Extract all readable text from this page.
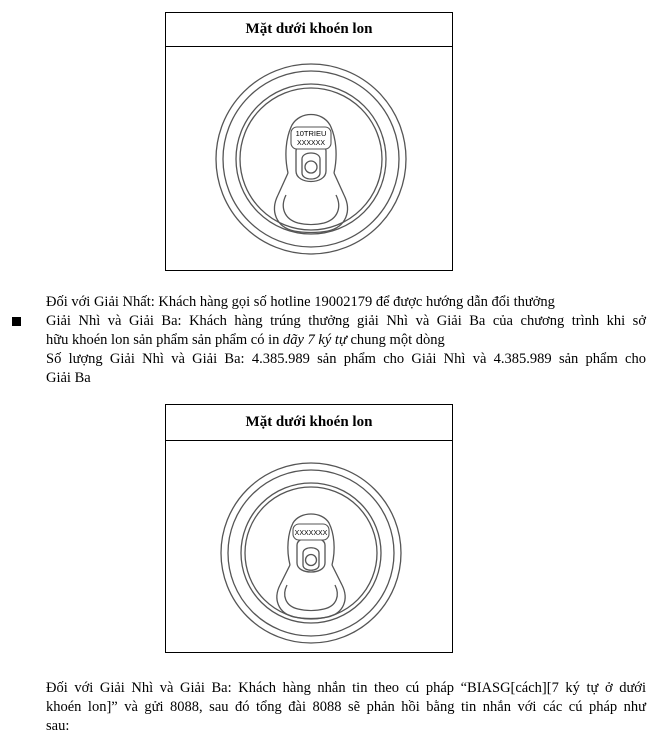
Mặt dưới khoén lon
10TRIEU
XXXXXX
Đối với Giải Nhất: Khách hàng gọi số hotline 19002179 để được hướng dẫn đổi thưởng
Giải Nhì và Giải Ba: Khách hàng trúng thưởng giải Nhì và Giải Ba của chương trình khi sở
hữu khoén lon sản phẩm sản phẩm có in dãy 7 ký tự chung một dòng
Số lượng Giải Nhì và Giải Ba: 4.385.989 sản phẩm cho Giải Nhì và 4.385.989 sản phẩm cho
Giải Ba
Mặt dưới khoén lon
XXXXXXX
Đối với Giải Nhì và Giải Ba: Khách hàng nhắn tin theo cú pháp “BIASG[cách][7 ký tự ở dưới
khoén lon]” và gửi 8088, sau đó tổng đài 8088 sẽ phản hồi bằng tin nhắn với các cú pháp như
sau:
